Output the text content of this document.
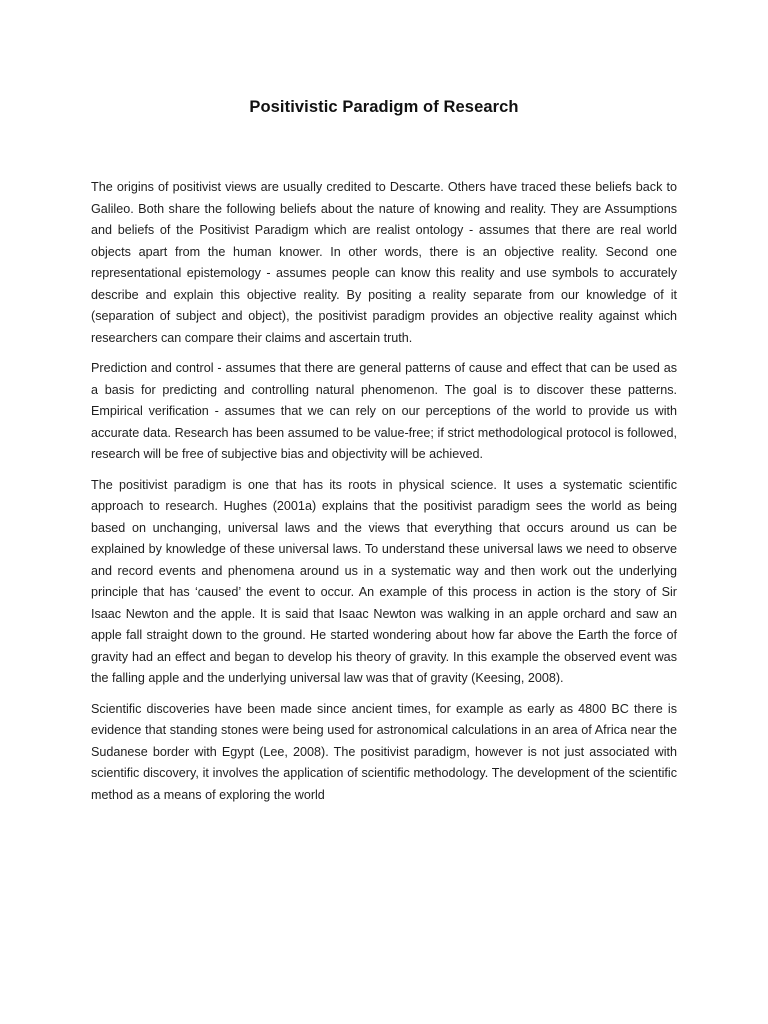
Positivistic Paradigm of Research

The origins of positivist views are usually credited to Descarte. Others have traced these beliefs back to Galileo. Both share the following beliefs about the nature of knowing and reality. They are Assumptions and beliefs of the Positivist Paradigm which are realist ontology - assumes that there are real world objects apart from the human knower. In other words, there is an objective reality. Second one representational epistemology - assumes people can know this reality and use symbols to accurately describe and explain this objective reality. By positing a reality separate from our knowledge of it (separation of subject and object), the positivist paradigm provides an objective reality against which researchers can compare their claims and ascertain truth.

Prediction and control - assumes that there are general patterns of cause and effect that can be used as a basis for predicting and controlling natural phenomenon. The goal is to discover these patterns. Empirical verification - assumes that we can rely on our perceptions of the world to provide us with accurate data. Research has been assumed to be value-free; if strict methodological protocol is followed, research will be free of subjective bias and objectivity will be achieved.

The positivist paradigm is one that has its roots in physical science. It uses a systematic scientific approach to research. Hughes (2001a) explains that the positivist paradigm sees the world as being based on unchanging, universal laws and the views that everything that occurs around us can be explained by knowledge of these universal laws. To understand these universal laws we need to observe and record events and phenomena around us in a systematic way and then work out the underlying principle that has ‘caused’ the event to occur. An example of this process in action is the story of Sir Isaac Newton and the apple. It is said that Isaac Newton was walking in an apple orchard and saw an apple fall straight down to the ground. He started wondering about how far above the Earth the force of gravity had an effect and began to develop his theory of gravity. In this example the observed event was the falling apple and the underlying universal law was that of gravity (Keesing, 2008).

Scientific discoveries have been made since ancient times, for example as early as 4800 BC there is evidence that standing stones were being used for astronomical calculations in an area of Africa near the Sudanese border with Egypt (Lee, 2008). The positivist paradigm, however is not just associated with scientific discovery, it involves the application of scientific methodology. The development of the scientific method as a means of exploring the world
